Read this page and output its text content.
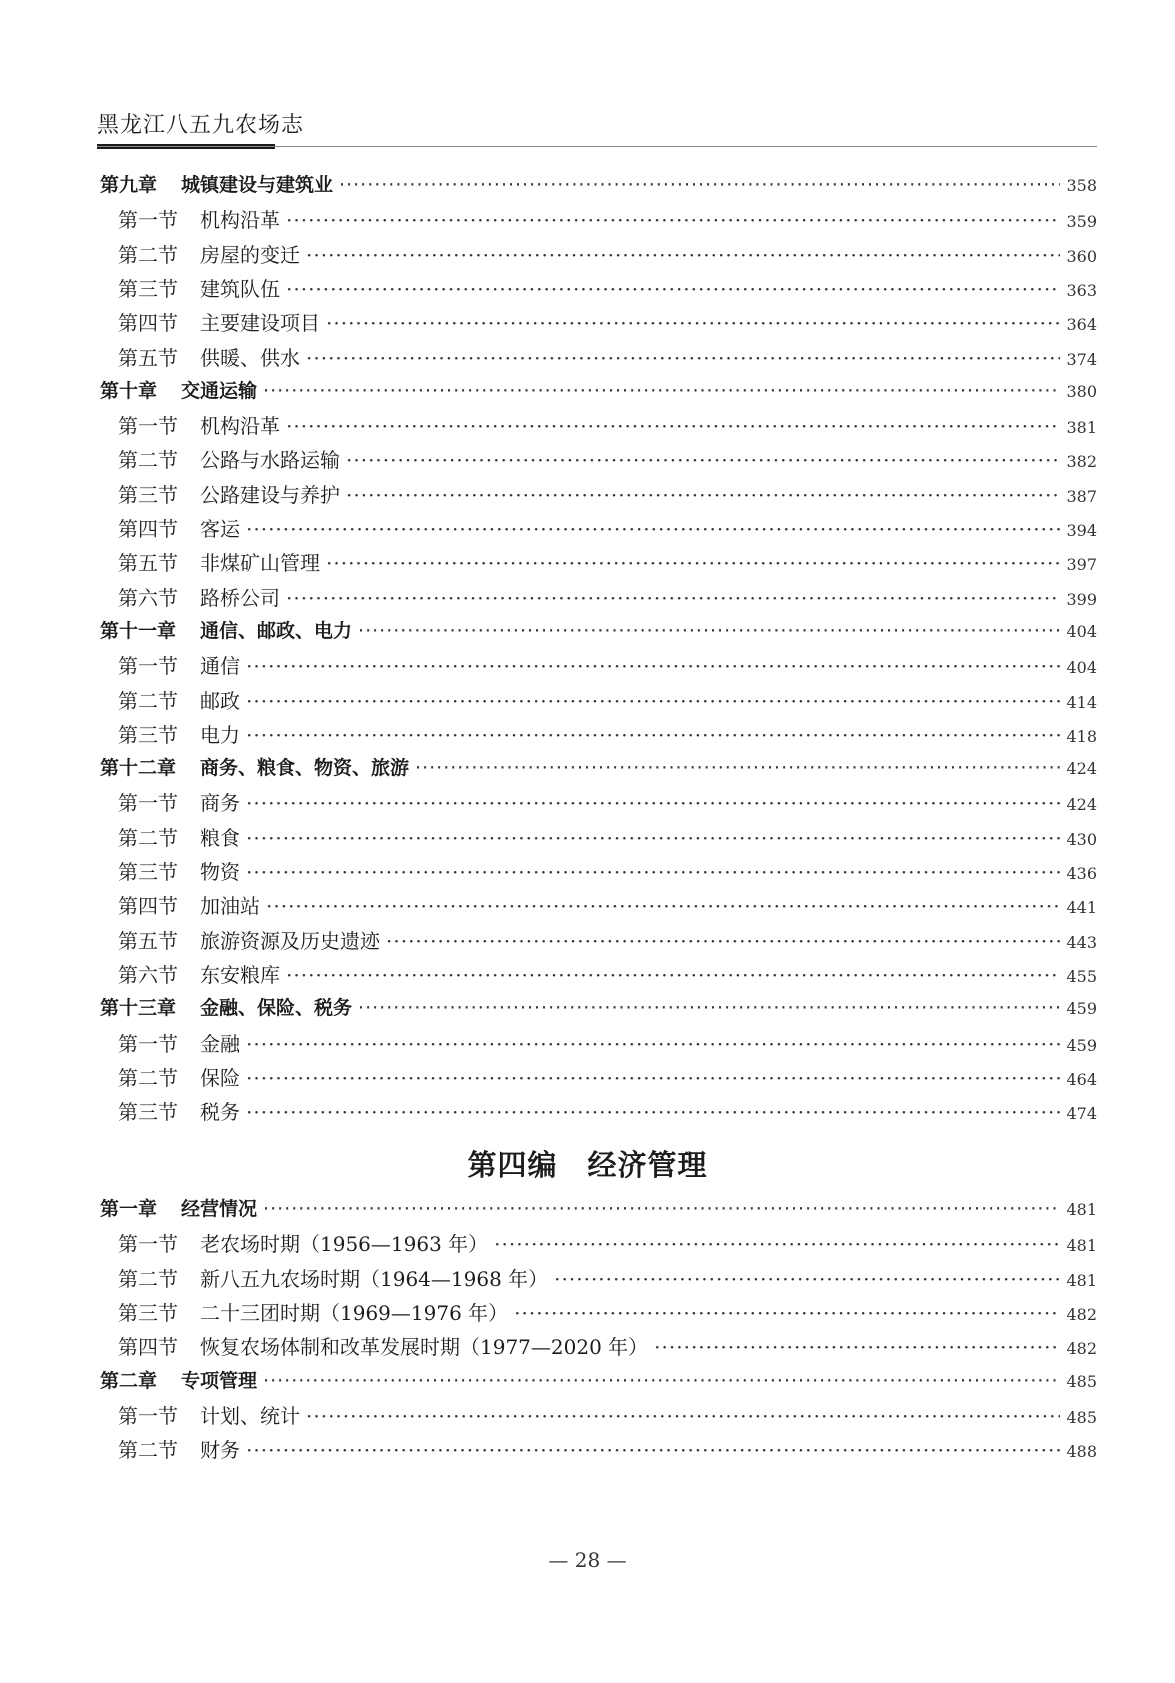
黑龙江八五九农场志
第九章 城镇建设与建筑业 ·····	358
第一节 机构沿革 ·····	359
第二节 房屋的变迁 ·····	360
第三节 建筑队伍 ·····	363
第四节 主要建设项目 ·····	364
第五节 供暖、供水 ·····	374
第十章 交通运输 ·····	380
第一节 机构沿革 ·····	381
第二节 公路与水路运输 ·····	382
第三节 公路建设与养护 ·····	387
第四节 客运 ·····	394
第五节 非煤矿山管理 ·····	397
第六节 路桥公司 ·····	399
第十一章 通信、邮政、电力 ·····	404
第一节 通信 ·····	404
第二节 邮政 ·····	414
第三节 电力 ·····	418
第十二章 商务、粮食、物资、旅游 ·····	424
第一节 商务 ·····	424
第二节 粮食 ·····	430
第三节 物资 ·····	436
第四节 加油站 ·····	441
第五节 旅游资源及历史遗迹 ·····	443
第六节 东安粮库 ·····	455
第十三章 金融、保险、税务 ·····	459
第一节 金融 ·····	459
第二节 保险 ·····	464
第三节 税务 ·····	474
第四编　经济管理
第一章 经营情况 ·····	481
第一节 老农场时期（1956—1963 年） ·····	481
第二节 新八五九农场时期（1964—1968 年） ·····	481
第三节 二十三团时期（1969—1976 年） ·····	482
第四节 恢复农场体制和改革发展时期（1977—2020 年） ·····	482
第二章 专项管理 ·····	485
第一节 计划、统计 ·····	485
第二节 财务 ·····	488
— 28 —
